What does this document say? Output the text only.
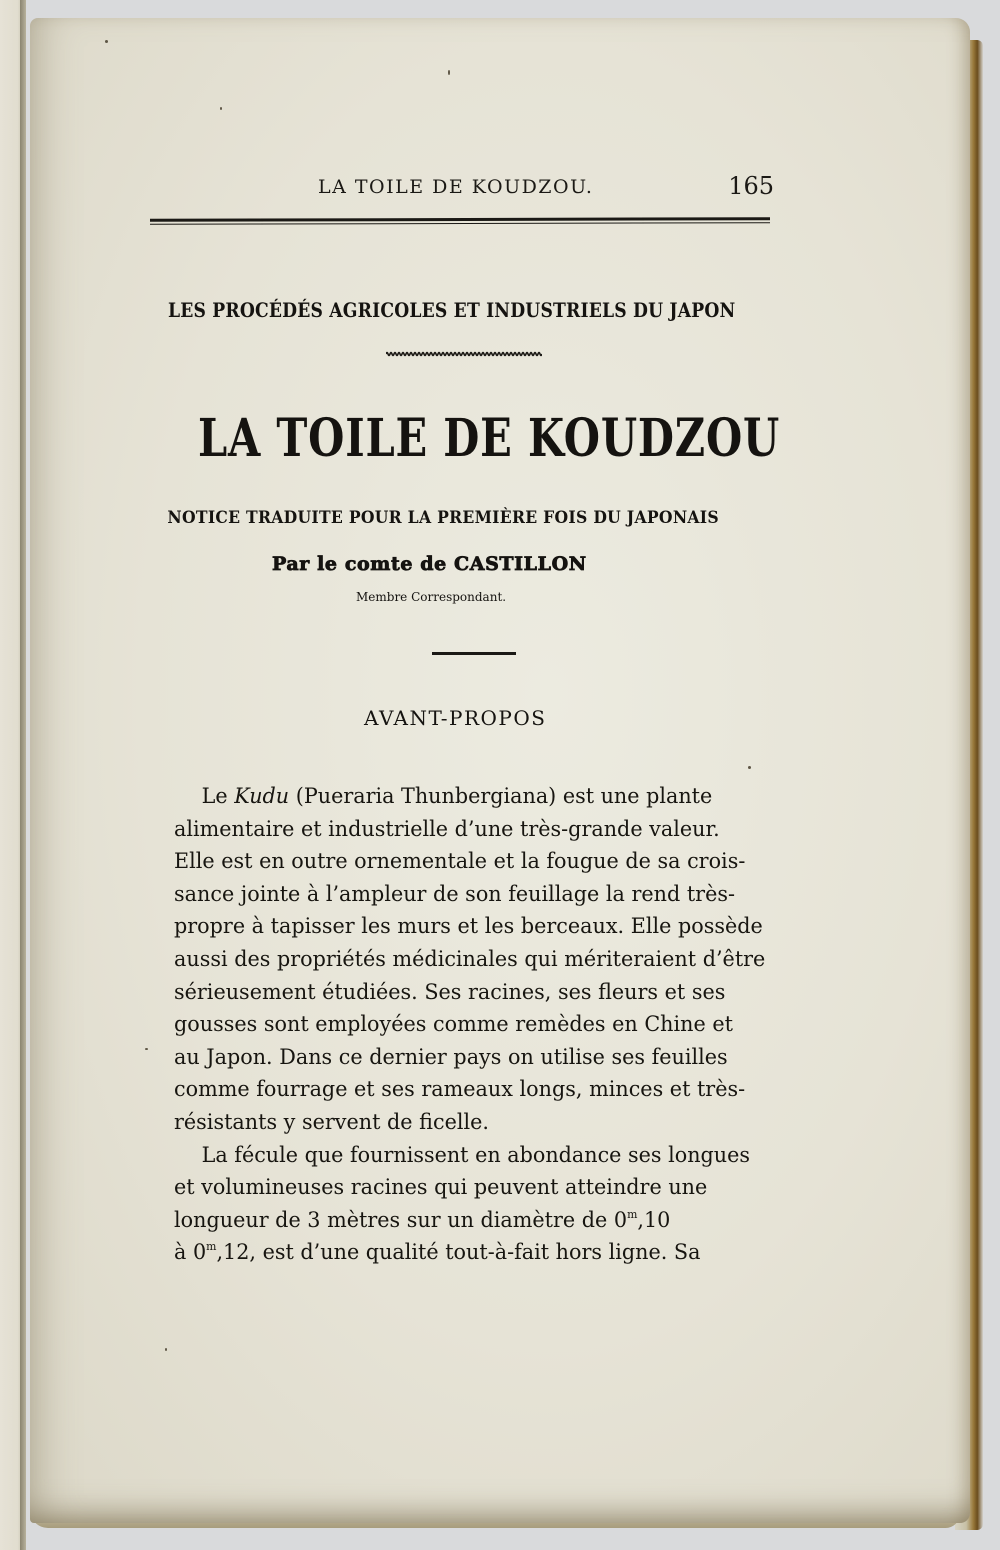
LA TOILE DE KOUDZOU.	165
LES PROCÉDÉS AGRICOLES ET INDUSTRIELS DU JAPON
LA TOILE DE KOUDZOU
NOTICE TRADUITE POUR LA PREMIÈRE FOIS DU JAPONAIS
Par le comte de CASTILLON
Membre Correspondant.
AVANT-PROPOS
Le Kudu (Pueraria Thunbergiana) est une plante
alimentaire et industrielle d’une très-grande valeur.
Elle est en outre ornementale et la fougue de sa crois-
sance jointe à l’ampleur de son feuillage la rend très-
propre à tapisser les murs et les berceaux. Elle possède
aussi des propriétés médicinales qui mériteraient d’être
sérieusement étudiées. Ses racines, ses fleurs et ses
gousses sont employées comme remèdes en Chine et
au Japon. Dans ce dernier pays on utilise ses feuilles
comme fourrage et ses rameaux longs, minces et très-
résistants y servent de ficelle.
La fécule que fournissent en abondance ses longues
et volumineuses racines qui peuvent atteindre une
longueur de 3 mètres sur un diamètre de 0$^m$,10
à 0$^m$,12, est d’une qualité tout-à-fait hors ligne. Sa
